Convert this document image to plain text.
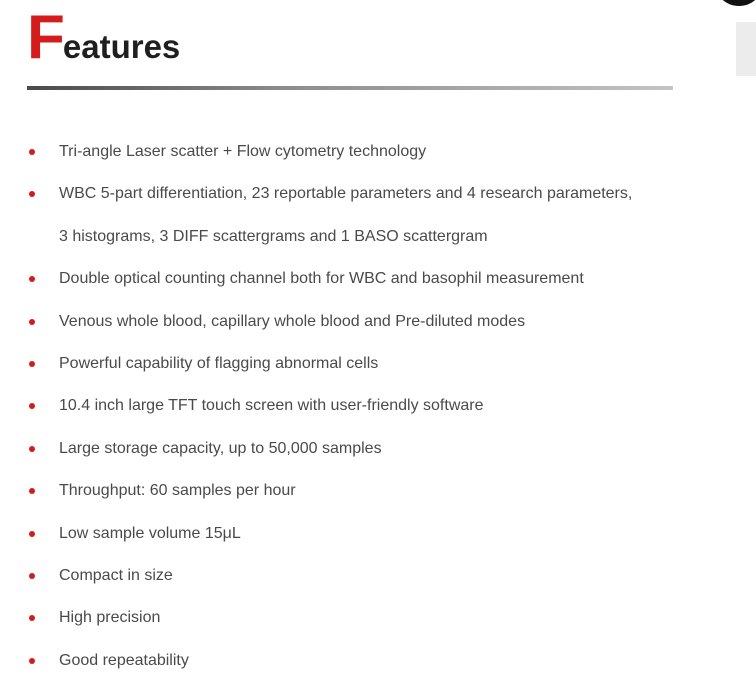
Features
Tri-angle Laser scatter + Flow cytometry technology
WBC 5-part differentiation, 23 reportable parameters and 4 research parameters,
3 histograms, 3 DIFF scattergrams and 1 BASO scattergram
Double optical counting channel both for WBC and basophil measurement
Venous whole blood, capillary whole blood and Pre-diluted modes
Powerful capability of flagging abnormal cells
10.4 inch large TFT touch screen with user-friendly software
Large storage capacity, up to 50,000 samples
Throughput: 60 samples per hour
Low sample volume 15μL
Compact in size
High precision
Good repeatability
